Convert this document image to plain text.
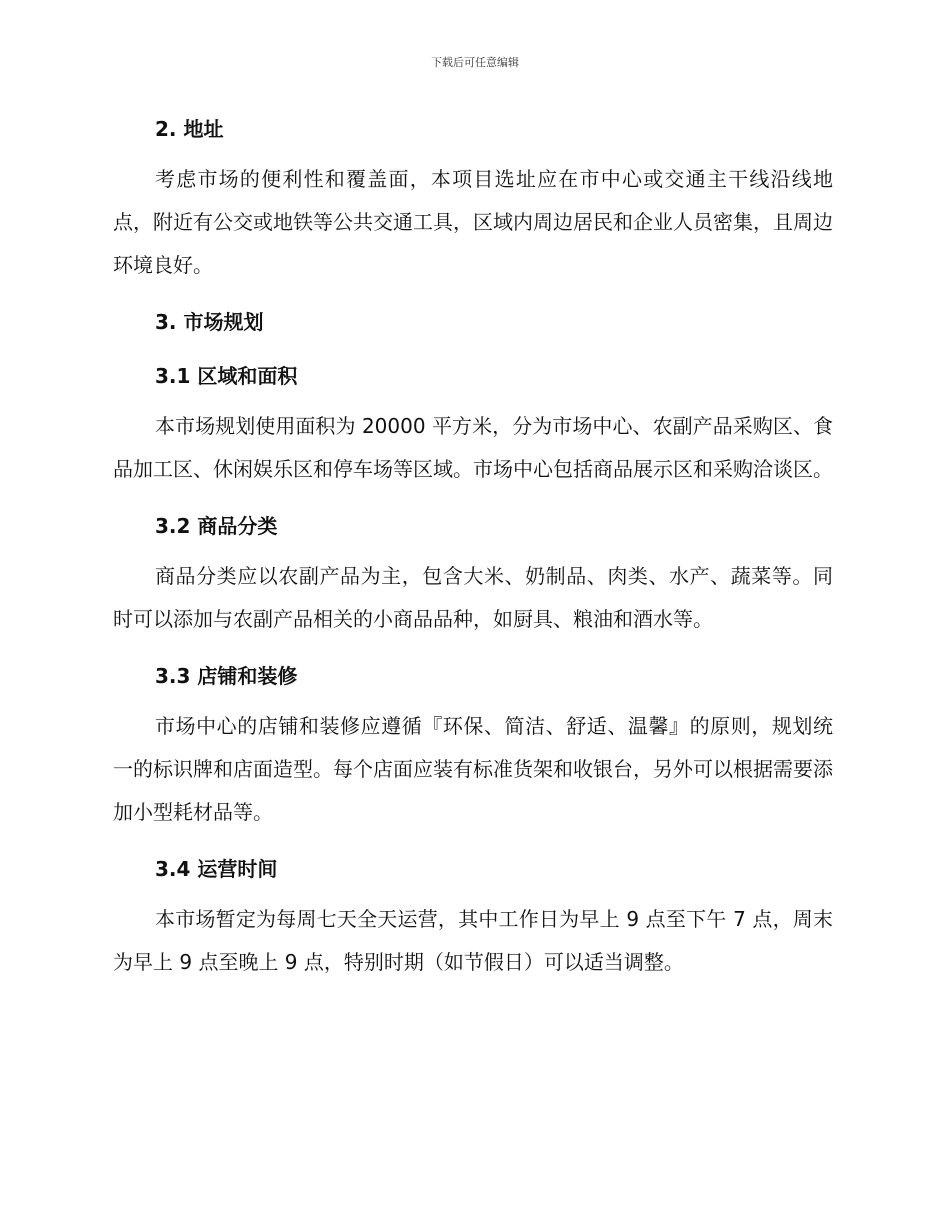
下载后可任意编辑
2. 地址

考虑市场的便利性和覆盖面，本项目选址应在市中心或交通主干线沿线地点，附近有公交或地铁等公共交通工具，区域内周边居民和企业人员密集，且周边环境良好。

3. 市场规划
3.1 区域和面积

本市场规划使用面积为 20000 平方米，分为市场中心、农副产品采购区、食品加工区、休闲娱乐区和停车场等区域。市场中心包括商品展示区和采购洽谈区。

3.2 商品分类

商品分类应以农副产品为主，包含大米、奶制品、肉类、水产、蔬菜等。同时可以添加与农副产品相关的小商品品种，如厨具、粮油和酒水等。

3.3 店铺和装修

市场中心的店铺和装修应遵循『环保、简洁、舒适、温馨』的原则，规划统一的标识牌和店面造型。每个店面应装有标准货架和收银台，另外可以根据需要添加小型耗材品等。

3.4 运营时间

本市场暂定为每周七天全天运营，其中工作日为早上 9 点至下午 7 点，周末为早上 9 点至晚上 9 点，特别时期（如节假日）可以适当调整。
